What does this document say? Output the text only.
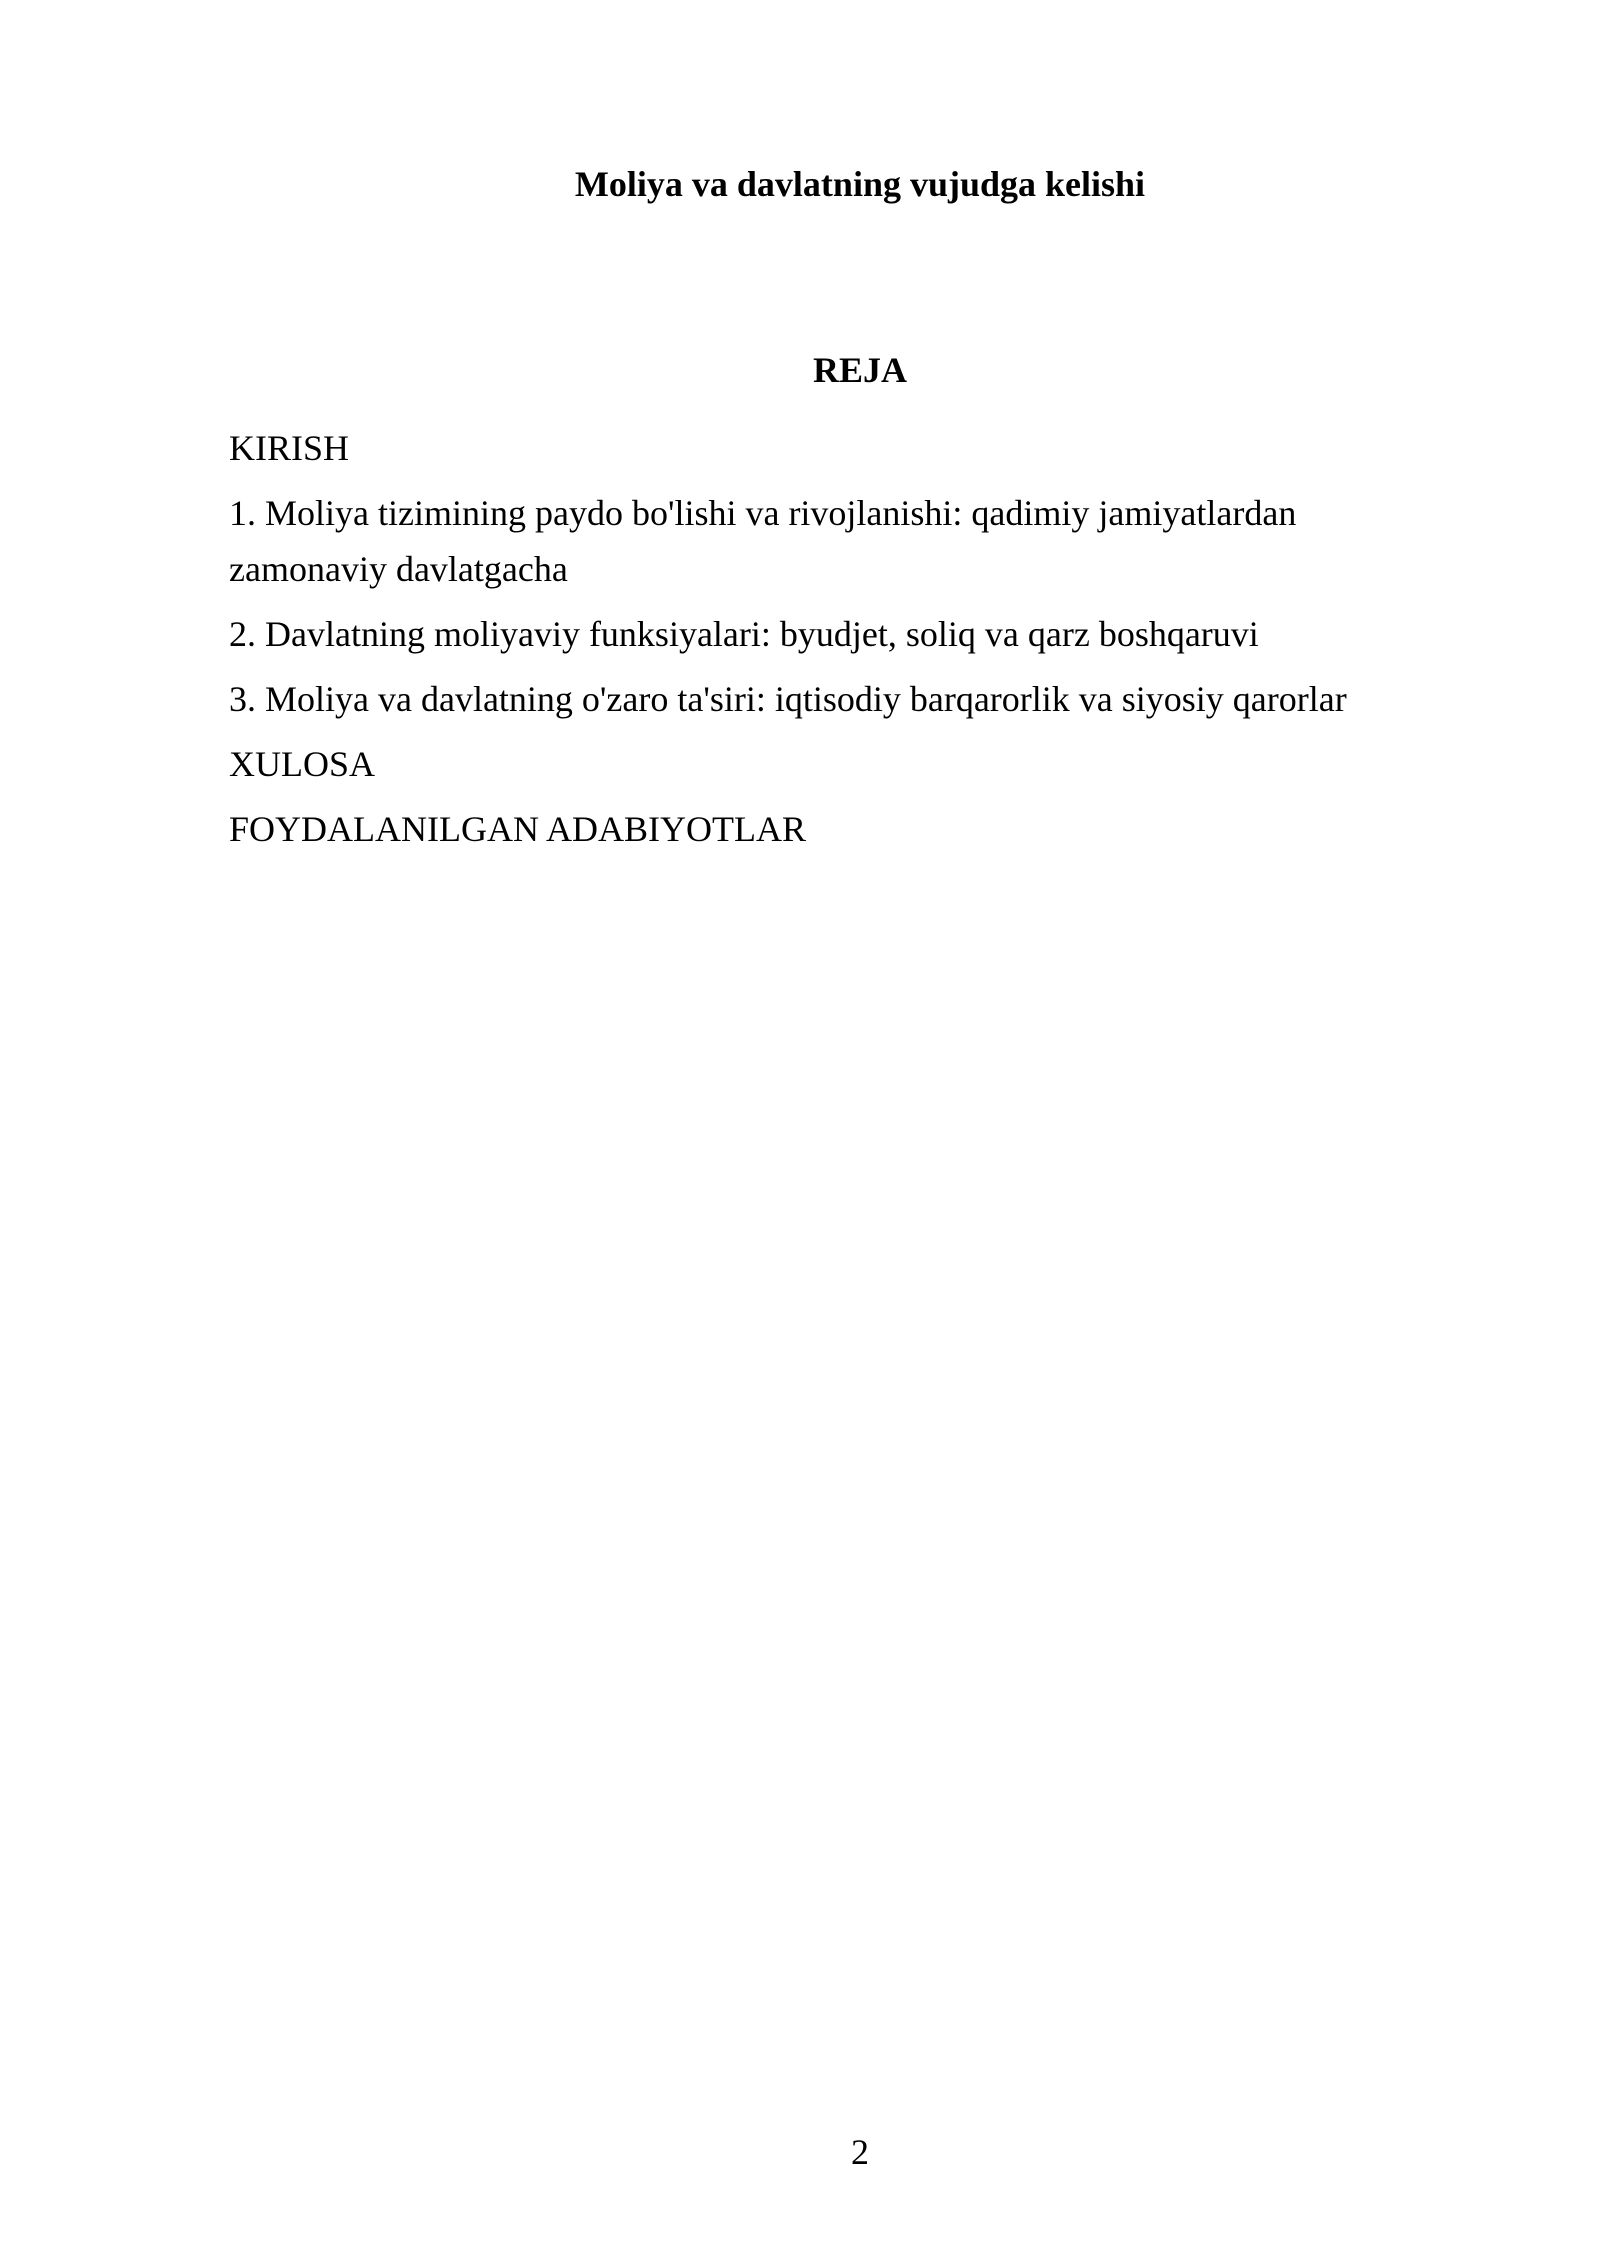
Moliya va davlatning vujudga kelishi
REJA
KIRISH
1. Moliya tizimining paydo bo'lishi va rivojlanishi: qadimiy jamiyatlardan zamonaviy davlatgacha
2. Davlatning moliyaviy funksiyalari: byudjet, soliq va qarz boshqaruvi
3. Moliya va davlatning o'zaro ta'siri: iqtisodiy barqarorlik va siyosiy qarorlar
XULOSA
FOYDALANILGAN ADABIYOTLAR
2
